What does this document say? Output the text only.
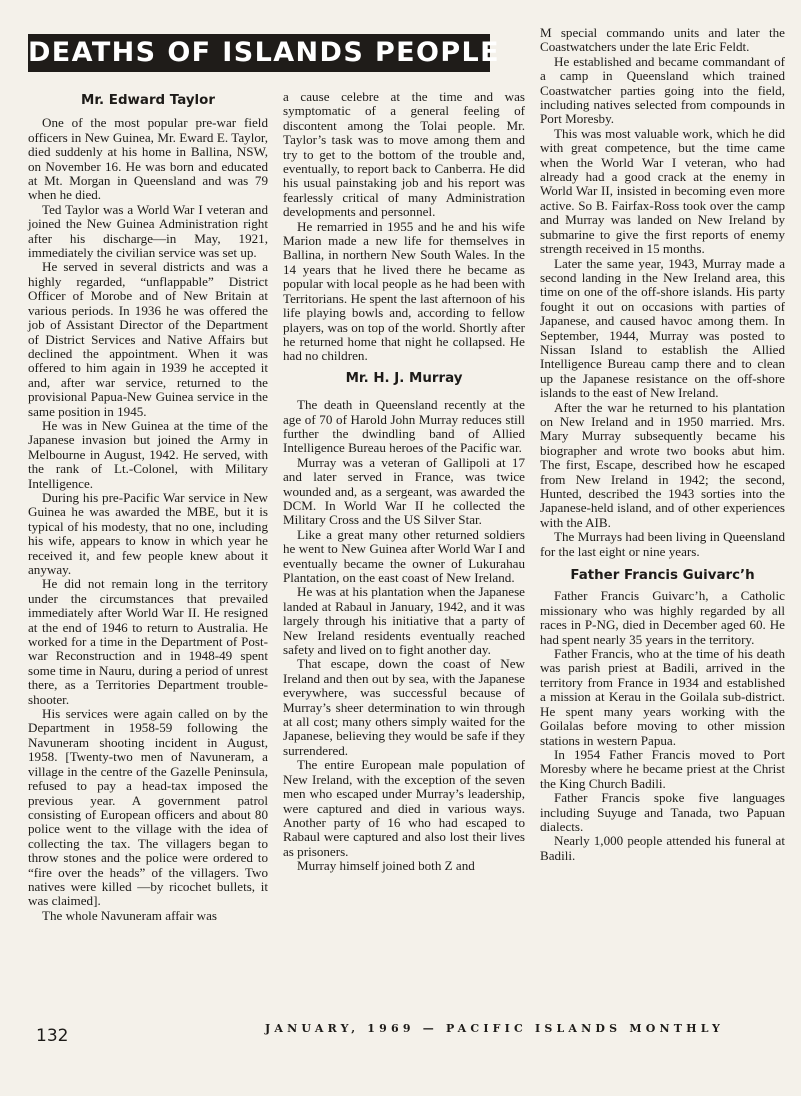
DEATHS OF ISLANDS PEOPLE
Mr. Edward Taylor

One of the most popular pre-war field officers in New Guinea, Mr. Eward E. Taylor, died suddenly at his home in Ballina, NSW, on November 16. He was born and educated at Mt. Morgan in Queensland and was 79 when he died.

Ted Taylor was a World War I veteran and joined the New Guinea Administration right after his discharge—in May, 1921, immediately the civilian service was set up.

He served in several districts and was a highly regarded, “unflappable” District Officer of Morobe and of New Britain at various periods. In 1936 he was offered the job of Assistant Director of the Department of District Services and Native Affairs but declined the appointment. When it was offered to him again in 1939 he accepted it and, after war service, returned to the provisional Papua-New Guinea service in the same position in 1945.

He was in New Guinea at the time of the Japanese invasion but joined the Army in Melbourne in August, 1942. He served, with the rank of Lt.-Colonel, with Military Intelligence.

During his pre-Pacific War service in New Guinea he was awarded the MBE, but it is typical of his modesty, that no one, including his wife, appears to know in which year he received it, and few people knew about it anyway.

He did not remain long in the territory under the circumstances that prevailed immediately after World War II. He resigned at the end of 1946 to return to Australia. He worked for a time in the Department of Post-war Reconstruction and in 1948-49 spent some time in Nauru, during a period of unrest there, as a Territories Department trouble-shooter.

His services were again called on by the Department in 1958-59 following the Navuneram shooting incident in August, 1958. [Twenty-two men of Navuneram, a village in the centre of the Gazelle Peninsula, refused to pay a head-tax imposed the previous year. A government patrol consisting of European officers and about 80 police went to the village with the idea of collecting the tax. The villagers began to throw stones and the police were ordered to “fire over the heads” of the villagers. Two natives were killed —by ricochet bullets, it was claimed].

The whole Navuneram affair was

a cause celebre at the time and was symptomatic of a general feeling of discontent among the Tolai people. Mr. Taylor’s task was to move among them and try to get to the bottom of the trouble and, eventually, to report back to Canberra. He did his usual painstaking job and his report was fearlessly critical of many Administration developments and personnel.

He remarried in 1955 and he and his wife Marion made a new life for themselves in Ballina, in northern New South Wales. In the 14 years that he lived there he became as popular with local people as he had been with Territorians. He spent the last afternoon of his life playing bowls and, according to fellow players, was on top of the world. Shortly after he returned home that night he collapsed. He had no children.

Mr. H. J. Murray

The death in Queensland recently at the age of 70 of Harold John Murray reduces still further the dwindling band of Allied Intelligence Bureau heroes of the Pacific war.

Murray was a veteran of Gallipoli at 17 and later served in France, was twice wounded and, as a sergeant, was awarded the DCM. In World War II he collected the Military Cross and the US Silver Star.

Like a great many other returned soldiers he went to New Guinea after World War I and eventually became the owner of Lukurahau Plantation, on the east coast of New Ireland.

He was at his plantation when the Japanese landed at Rabaul in January, 1942, and it was largely through his initiative that a party of New Ireland residents eventually reached safety and lived on to fight another day.

That escape, down the coast of New Ireland and then out by sea, with the Japanese everywhere, was successful because of Murray’s sheer determination to win through at all cost; many others simply waited for the Japanese, believing they would be safe if they surrendered.

The entire European male population of New Ireland, with the exception of the seven men who escaped under Murray’s leadership, were captured and died in various ways. Another party of 16 who had escaped to Rabaul were captured and also lost their lives as prisoners.

Murray himself joined both Z and

M special commando units and later the Coastwatchers under the late Eric Feldt.

He established and became commandant of a camp in Queensland which trained Coastwatcher parties going into the field, including natives selected from compounds in Port Moresby.

This was most valuable work, which he did with great competence, but the time came when the World War I veteran, who had already had a good crack at the enemy in World War II, insisted in becoming even more active. So B. Fairfax-Ross took over the camp and Murray was landed on New Ireland by submarine to give the first reports of enemy strength received in 15 months.

Later the same year, 1943, Murray made a second landing in the New Ireland area, this time on one of the off-shore islands. His party fought it out on occasions with parties of Japanese, and caused havoc among them. In September, 1944, Murray was posted to Nissan Island to establish the Allied Intelligence Bureau camp there and to clean up the Japanese resistance on the off-shore islands to the east of New Ireland.

After the war he returned to his plantation on New Ireland and in 1950 married. Mrs. Mary Murray subsequently became his biographer and wrote two books abut him. The first, Escape, described how he escaped from New Ireland in 1942; the second, Hunted, described the 1943 sorties into the Japanese-held island, and of other experiences with the AIB.

The Murrays had been living in Queensland for the last eight or nine years.

Father Francis Guivarc’h

Father Francis Guivarc’h, a Catholic missionary who was highly regarded by all races in P-NG, died in December aged 60. He had spent nearly 35 years in the territory.

Father Francis, who at the time of his death was parish priest at Badili, arrived in the territory from France in 1934 and established a mission at Kerau in the Goilala sub-district. He spent many years working with the Goilalas before moving to other mission stations in western Papua.

In 1954 Father Francis moved to Port Moresby where he became priest at the Christ the King Church Badili.

Father Francis spoke five languages including Suyuge and Tanada, two Papuan dialects.

Nearly 1,000 people attended his funeral at Badili.

132	JANUARY, 1969 — PACIFIC ISLANDS MONTHLY
